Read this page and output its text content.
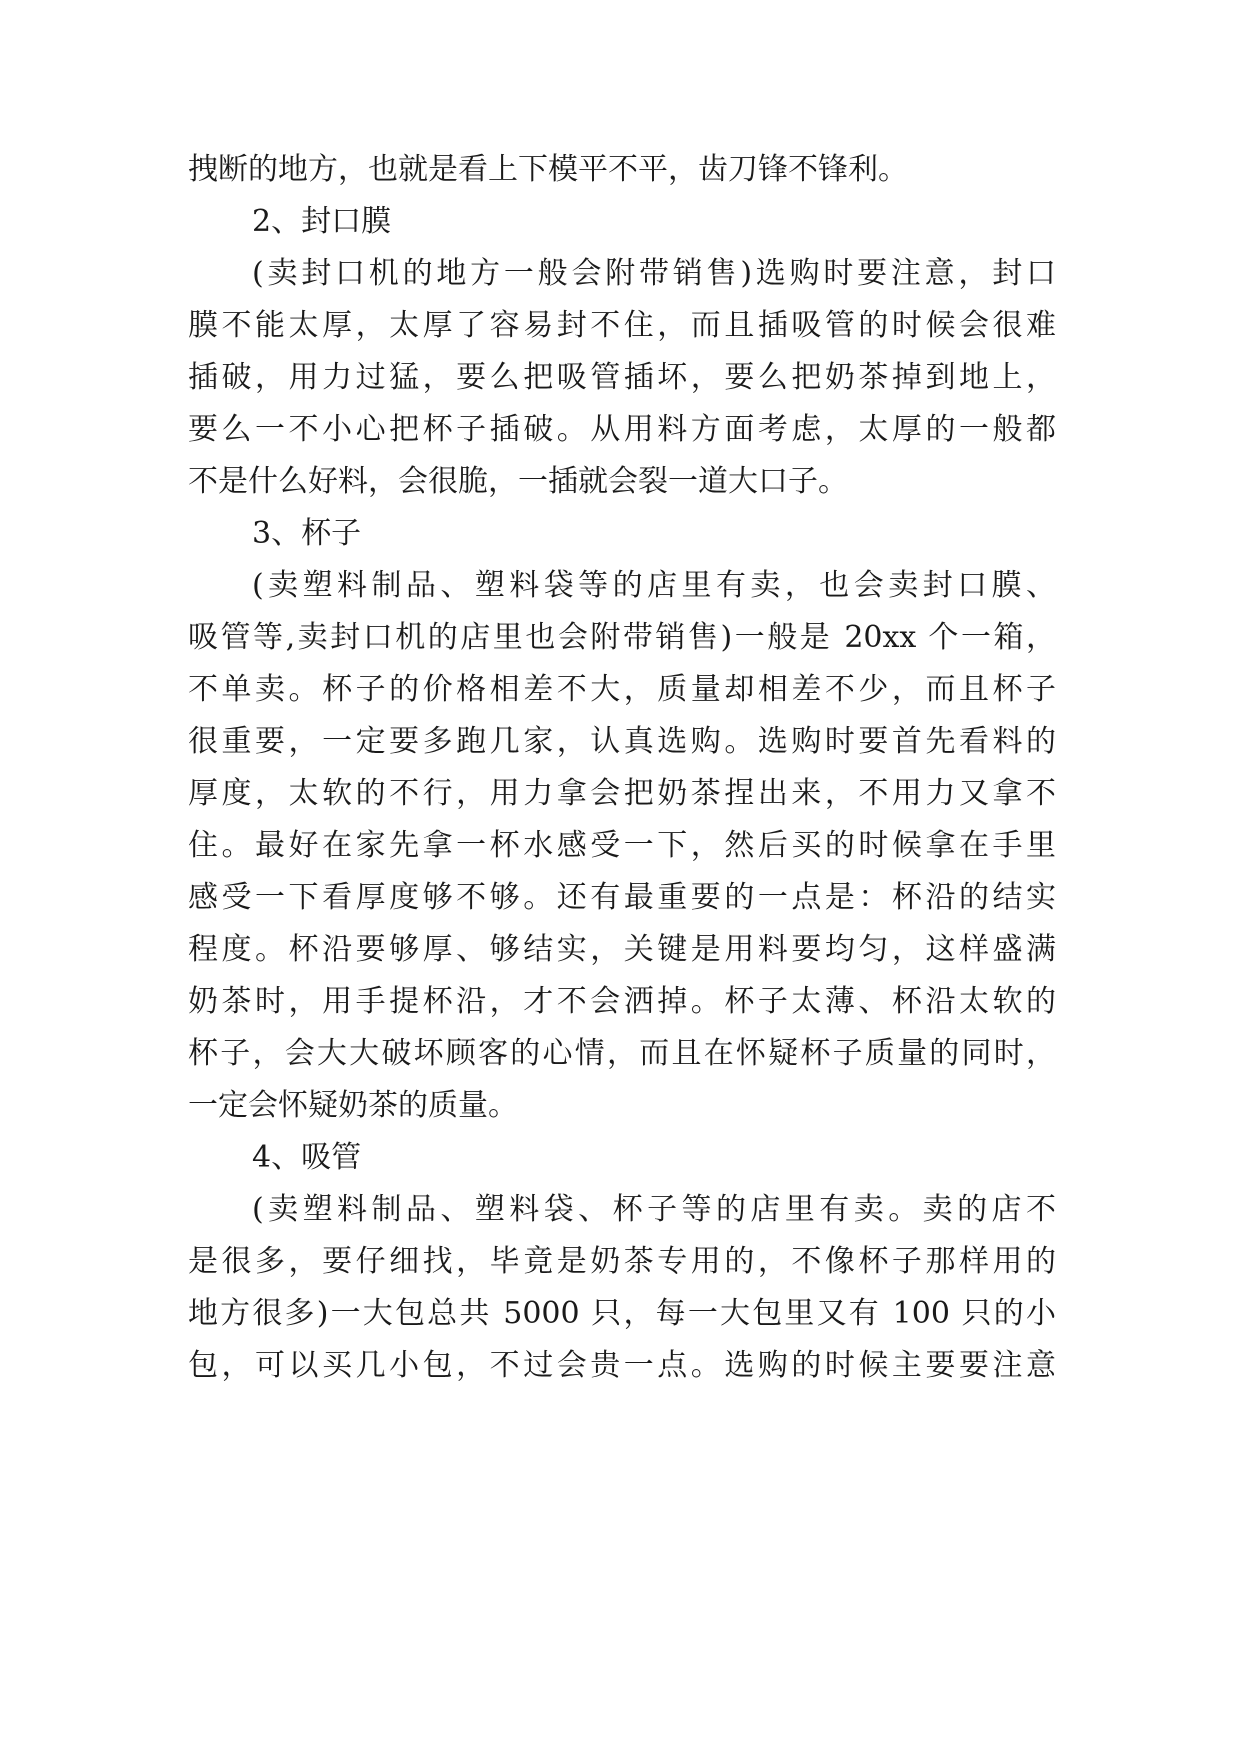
拽断的地方，也就是看上下模平不平，齿刀锋不锋利。
2、封口膜
(卖封口机的地方一般会附带销售)选购时要注意，封口
膜不能太厚，太厚了容易封不住，而且插吸管的时候会很难
插破，用力过猛，要么把吸管插坏，要么把奶茶掉到地上，
要么一不小心把杯子插破。从用料方面考虑，太厚的一般都
不是什么好料，会很脆，一插就会裂一道大口子。
3、杯子
(卖塑料制品、塑料袋等的店里有卖，也会卖封口膜、
吸管等,卖封口机的店里也会附带销售)一般是 20xx 个一箱，
不单卖。杯子的价格相差不大，质量却相差不少，而且杯子
很重要，一定要多跑几家，认真选购。选购时要首先看料的
厚度，太软的不行，用力拿会把奶茶捏出来，不用力又拿不
住。最好在家先拿一杯水感受一下，然后买的时候拿在手里
感受一下看厚度够不够。还有最重要的一点是：杯沿的结实
程度。杯沿要够厚、够结实，关键是用料要均匀，这样盛满
奶茶时，用手提杯沿，才不会洒掉。杯子太薄、杯沿太软的
杯子，会大大破坏顾客的心情，而且在怀疑杯子质量的同时，
一定会怀疑奶茶的质量。
4、吸管
(卖塑料制品、塑料袋、杯子等的店里有卖。卖的店不
是很多，要仔细找，毕竟是奶茶专用的，不像杯子那样用的
地方很多)一大包总共 5000 只，每一大包里又有 100 只的小
包，可以买几小包，不过会贵一点。选购的时候主要要注意
